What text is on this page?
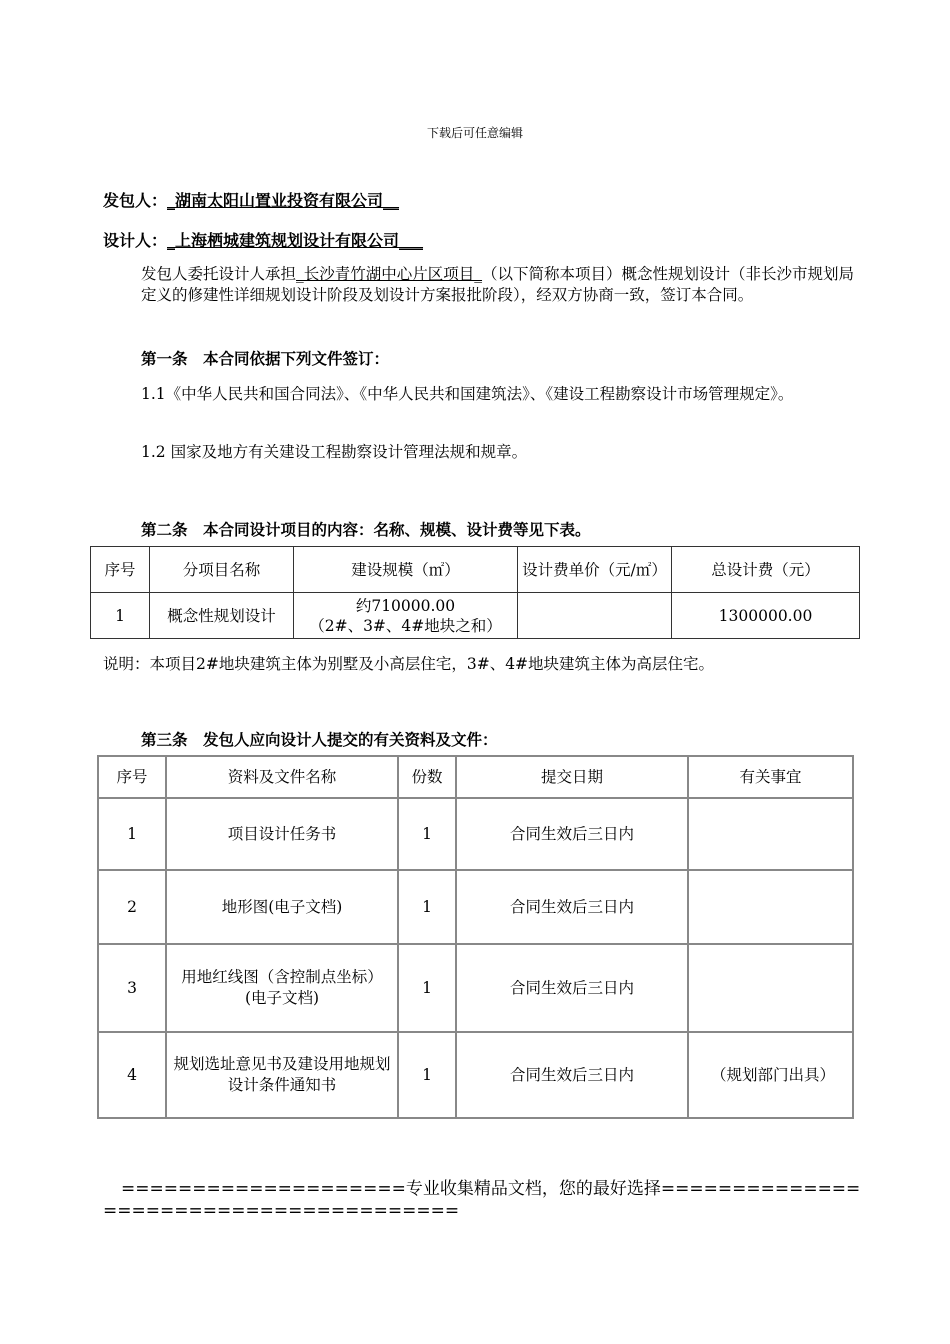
下载后可任意编辑
发包人：_湖南太阳山置业投资有限公司__
设计人：_上海栖城建筑规划设计有限公司___
发包人委托设计人承担_长沙青竹湖中心片区项目_（以下简称本项目）概念性规划设计（非长沙市规划局定义的修建性详细规划设计阶段及划设计方案报批阶段），经双方协商一致，签订本合同。
第一条　本合同依据下列文件签订：
1.1《中华人民共和国合同法》、《中华人民共和国建筑法》、《建设工程勘察设计市场管理规定》。
1.2 国家及地方有关建设工程勘察设计管理法规和规章。
第二条　本合同设计项目的内容：名称、规模、设计费等见下表。
序号	分项目名称	建设规模（㎡）	设计费单价（元/㎡）	总设计费（元）
1	概念性规划设计	约710000.00
（2#、3#、4#地块之和）		1300000.00
说明：本项目2#地块建筑主体为别墅及小高层住宅，3#、4#地块建筑主体为高层住宅。
第三条　发包人应向设计人提交的有关资料及文件：
序号	资料及文件名称	份数	提交日期	有关事宜
1	项目设计任务书	1	合同生效后三日内	
2	地形图(电子文档)	1	合同生效后三日内	
3	用地红线图（含控制点坐标）(电子文档)	1	合同生效后三日内	
4	规划选址意见书及建设用地规划设计条件通知书	1	合同生效后三日内	（规划部门出具）
====================专业收集精品文档，您的最好选择=======================================
